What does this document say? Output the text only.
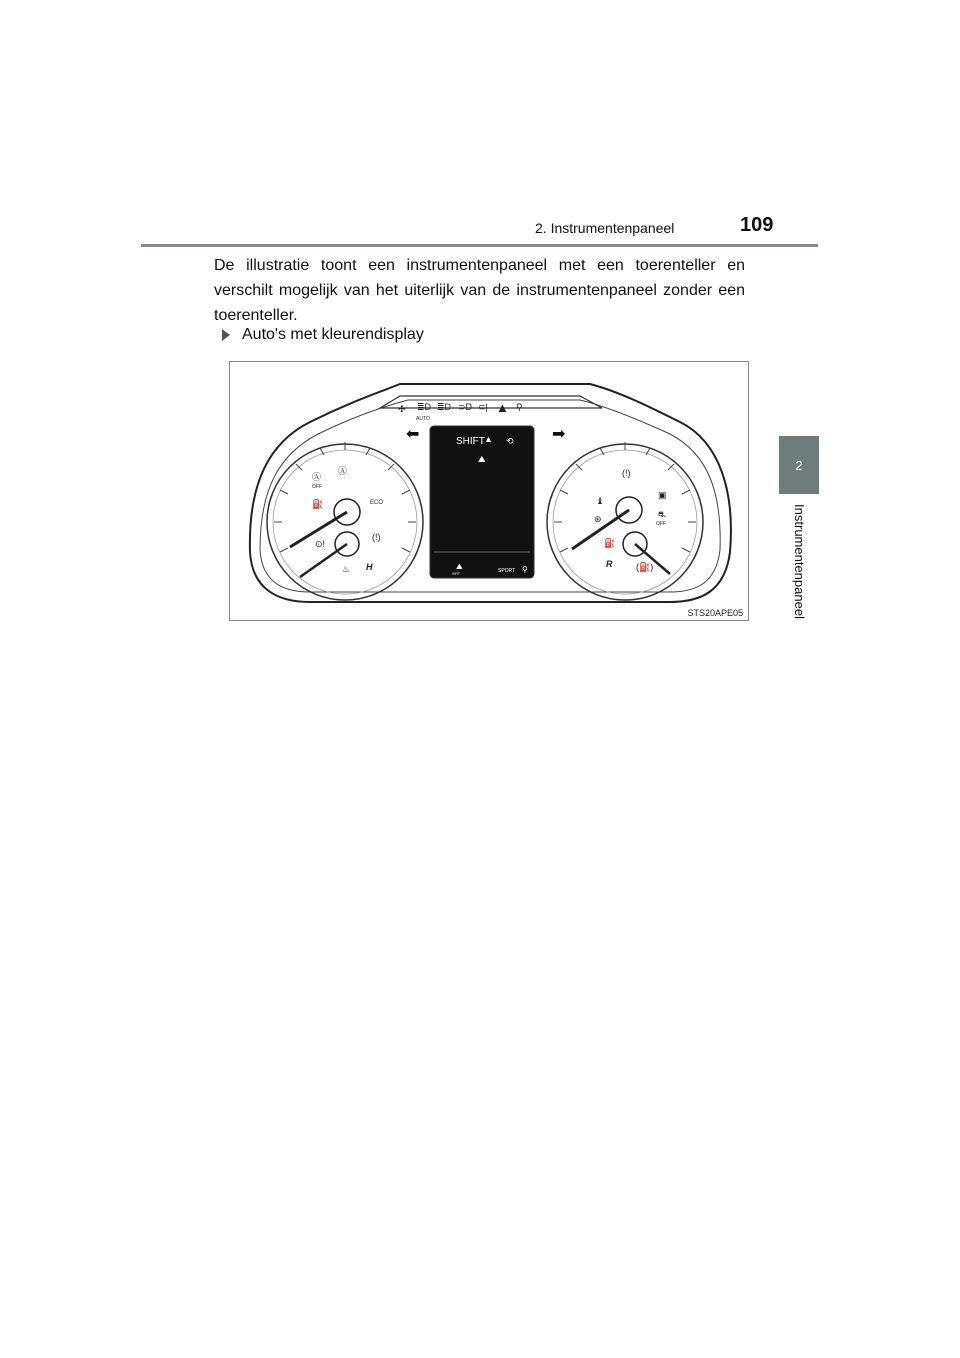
2. Instrumentenpaneel	109
2
Instrumentenpaneel
De illustratie toont een instrumentenpaneel met een toerenteller en verschilt mogelijk van het uiterlijk van de instrumentenpaneel zonder een toerenteller.
Auto's met kleurendisplay
✣ ≣D
AUTO
≣D ⊃D ⊂| ▲ ⚲
⬅	➡
Ⓐ
OFF
Ⓐ
⛽	ECO
⊙!
(!)
♨ H
SHIFT ▲ ⟲
⛰
⛰
OFF	SPORT ⚲
(!)
♝
⊛
▣
⛐
OFF
⛽
R	(⛽)
STS20APE05
